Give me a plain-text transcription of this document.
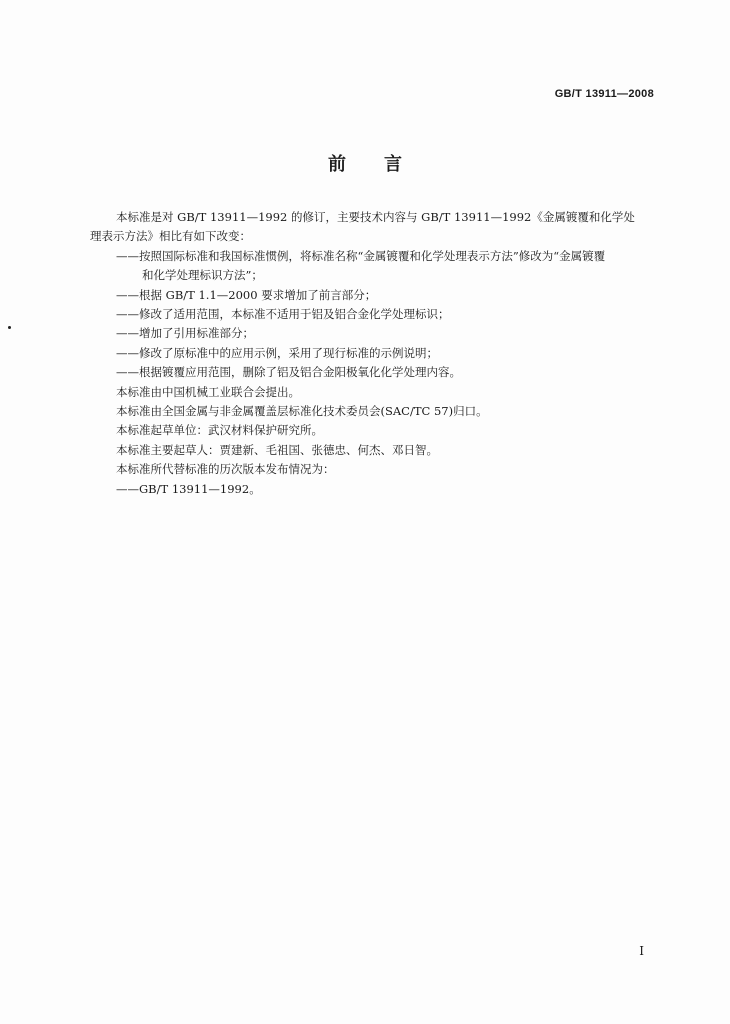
GB/T 13911—2008
前言

本标准是对 GB/T 13911—1992 的修订，主要技术内容与 GB/T 13911—1992《金属镀覆和化学处

理表示方法》相比有如下改变：

——按照国际标准和我国标准惯例，将标准名称“金属镀覆和化学处理表示方法”修改为“金属镀覆

和化学处理标识方法”；

——根据 GB/T 1.1—2000 要求增加了前言部分；

——修改了适用范围，本标准不适用于铝及铝合金化学处理标识；

——增加了引用标准部分；

——修改了原标准中的应用示例，采用了现行标准的示例说明；

——根据镀覆应用范围，删除了铝及铝合金阳极氧化化学处理内容。

本标准由中国机械工业联合会提出。

本标准由全国金属与非金属覆盖层标准化技术委员会(SAC/TC 57)归口。

本标准起草单位：武汉材料保护研究所。

本标准主要起草人：贾建新、毛祖国、张德忠、何杰、邓日智。

本标准所代替标准的历次版本发布情况为：

——GB/T 13911—1992。

I
